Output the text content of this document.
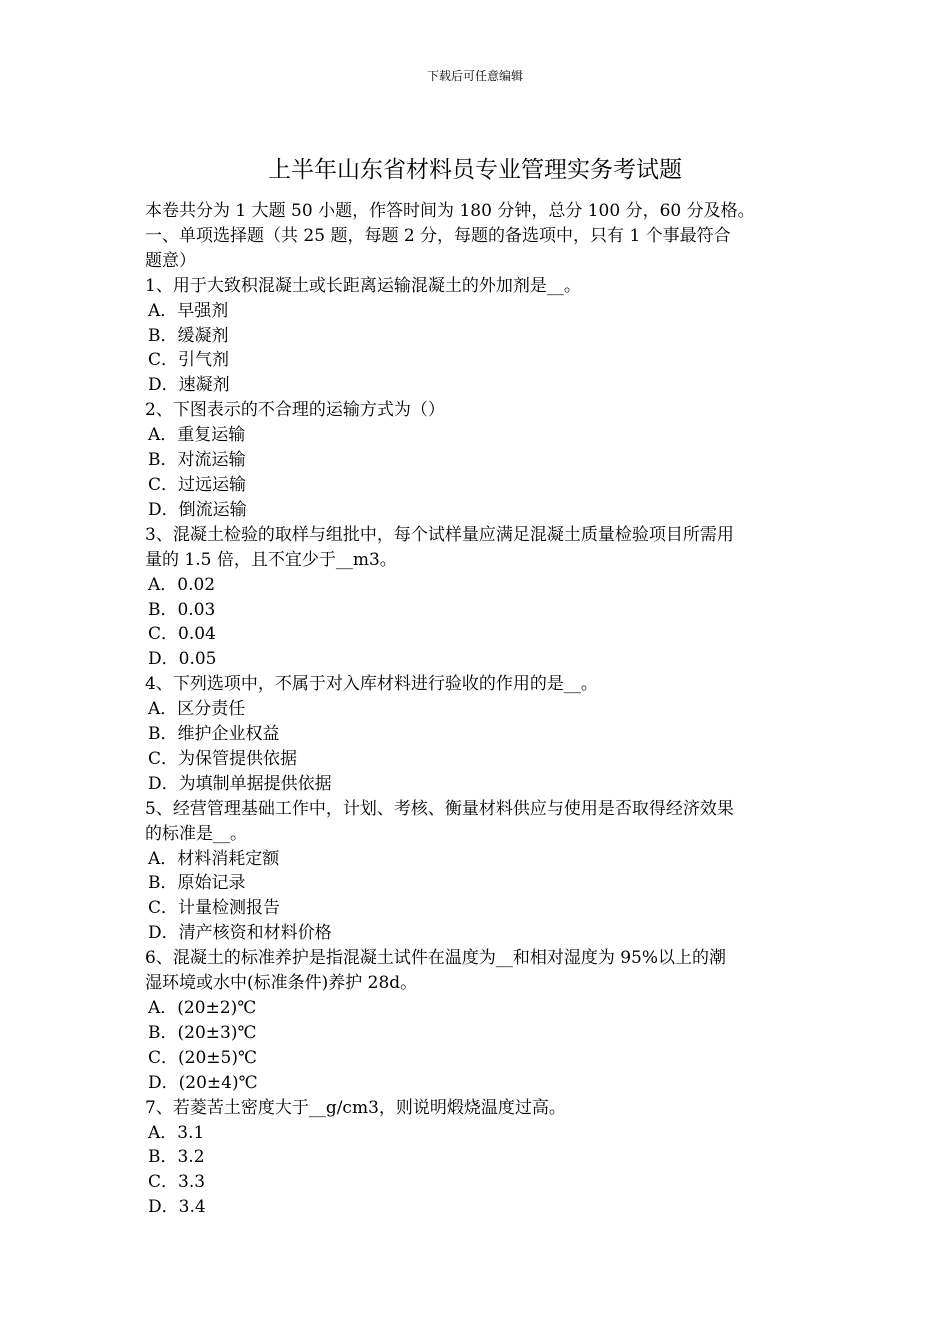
下载后可任意编辑
上半年山东省材料员专业管理实务考试题
本卷共分为 1 大题 50 小题，作答时间为 180 分钟，总分 100 分，60 分及格。
一、单项选择题（共 25 题，每题 2 分，每题的备选项中，只有 1 个事最符合
题意）
1、用于大致积混凝土或长距离运输混凝土的外加剂是__。
A．早强剂
B．缓凝剂
C．引气剂
D．速凝剂
2、下图表示的不合理的运输方式为（）
A．重复运输
B．对流运输
C．过远运输
D．倒流运输
3、混凝土检验的取样与组批中，每个试样量应满足混凝土质量检验项目所需用
量的 1.5 倍，且不宜少于__m3。
A．0.02
B．0.03
C．0.04
D．0.05
4、下列选项中，不属于对入库材料进行验收的作用的是__。
A．区分责任
B．维护企业权益
C．为保管提供依据
D．为填制单据提供依据
5、经营管理基础工作中，计划、考核、衡量材料供应与使用是否取得经济效果
的标准是__。
A．材料消耗定额
B．原始记录
C．计量检测报告
D．清产核资和材料价格
6、混凝土的标准养护是指混凝土试件在温度为__和相对湿度为 95%以上的潮
湿环境或水中(标准条件)养护 28d。
A．(20±2)℃
B．(20±3)℃
C．(20±5)℃
D．(20±4)℃
7、若菱苦土密度大于__g/cm3，则说明煅烧温度过高。
A．3.1
B．3.2
C．3.3
D．3.4
